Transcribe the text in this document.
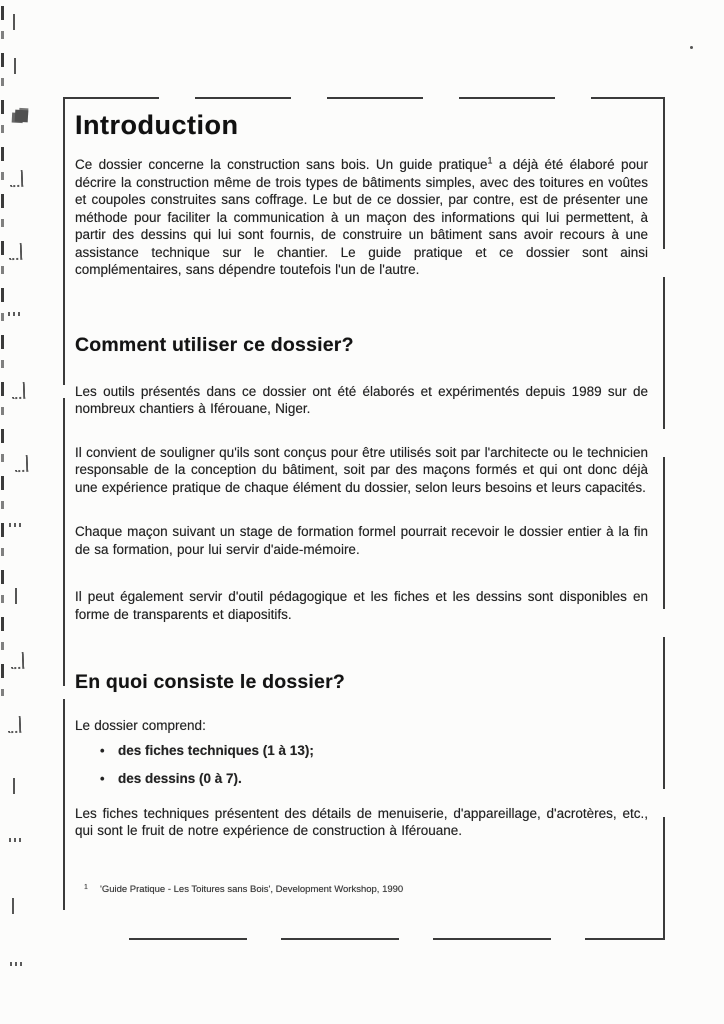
Introduction

Ce dossier concerne la construction sans bois. Un guide pratique$^1$ a déjà été élaboré pour décrire la construction même de trois types de bâtiments simples, avec des toitures en voûtes et coupoles construites sans coffrage. Le but de ce dossier, par contre, est de présenter une méthode pour faciliter la communication à un maçon des informations qui lui permettent, à partir des dessins qui lui sont fournis, de construire un bâtiment sans avoir recours à une assistance technique sur le chantier. Le guide pratique et ce dossier sont ainsi complémentaires, sans dépendre toutefois l'un de l'autre.

Comment utiliser ce dossier?

Les outils présentés dans ce dossier ont été élaborés et expérimentés depuis 1989 sur de nombreux chantiers à Iférouane, Niger.

Il convient de souligner qu'ils sont conçus pour être utilisés soit par l'architecte ou le technicien responsable de la conception du bâtiment, soit par des maçons formés et qui ont donc déjà une expérience pratique de chaque élément du dossier, selon leurs besoins et leurs capacités.

Chaque maçon suivant un stage de formation formel pourrait recevoir le dossier entier à la fin de sa formation, pour lui servir d'aide-mémoire.

Il peut également servir d'outil pédagogique et les fiches et les dessins sont disponibles en forme de transparents et diapositifs.

En quoi consiste le dossier?

Le dossier comprend:

• des fiches techniques (1 à 13);
• des dessins (0 à 7).

Les fiches techniques présentent des détails de menuiserie, d'appareillage, d'acrotères, etc., qui sont le fruit de notre expérience de construction à Iférouane.

1 'Guide Pratique - Les Toitures sans Bois', Development Workshop, 1990
